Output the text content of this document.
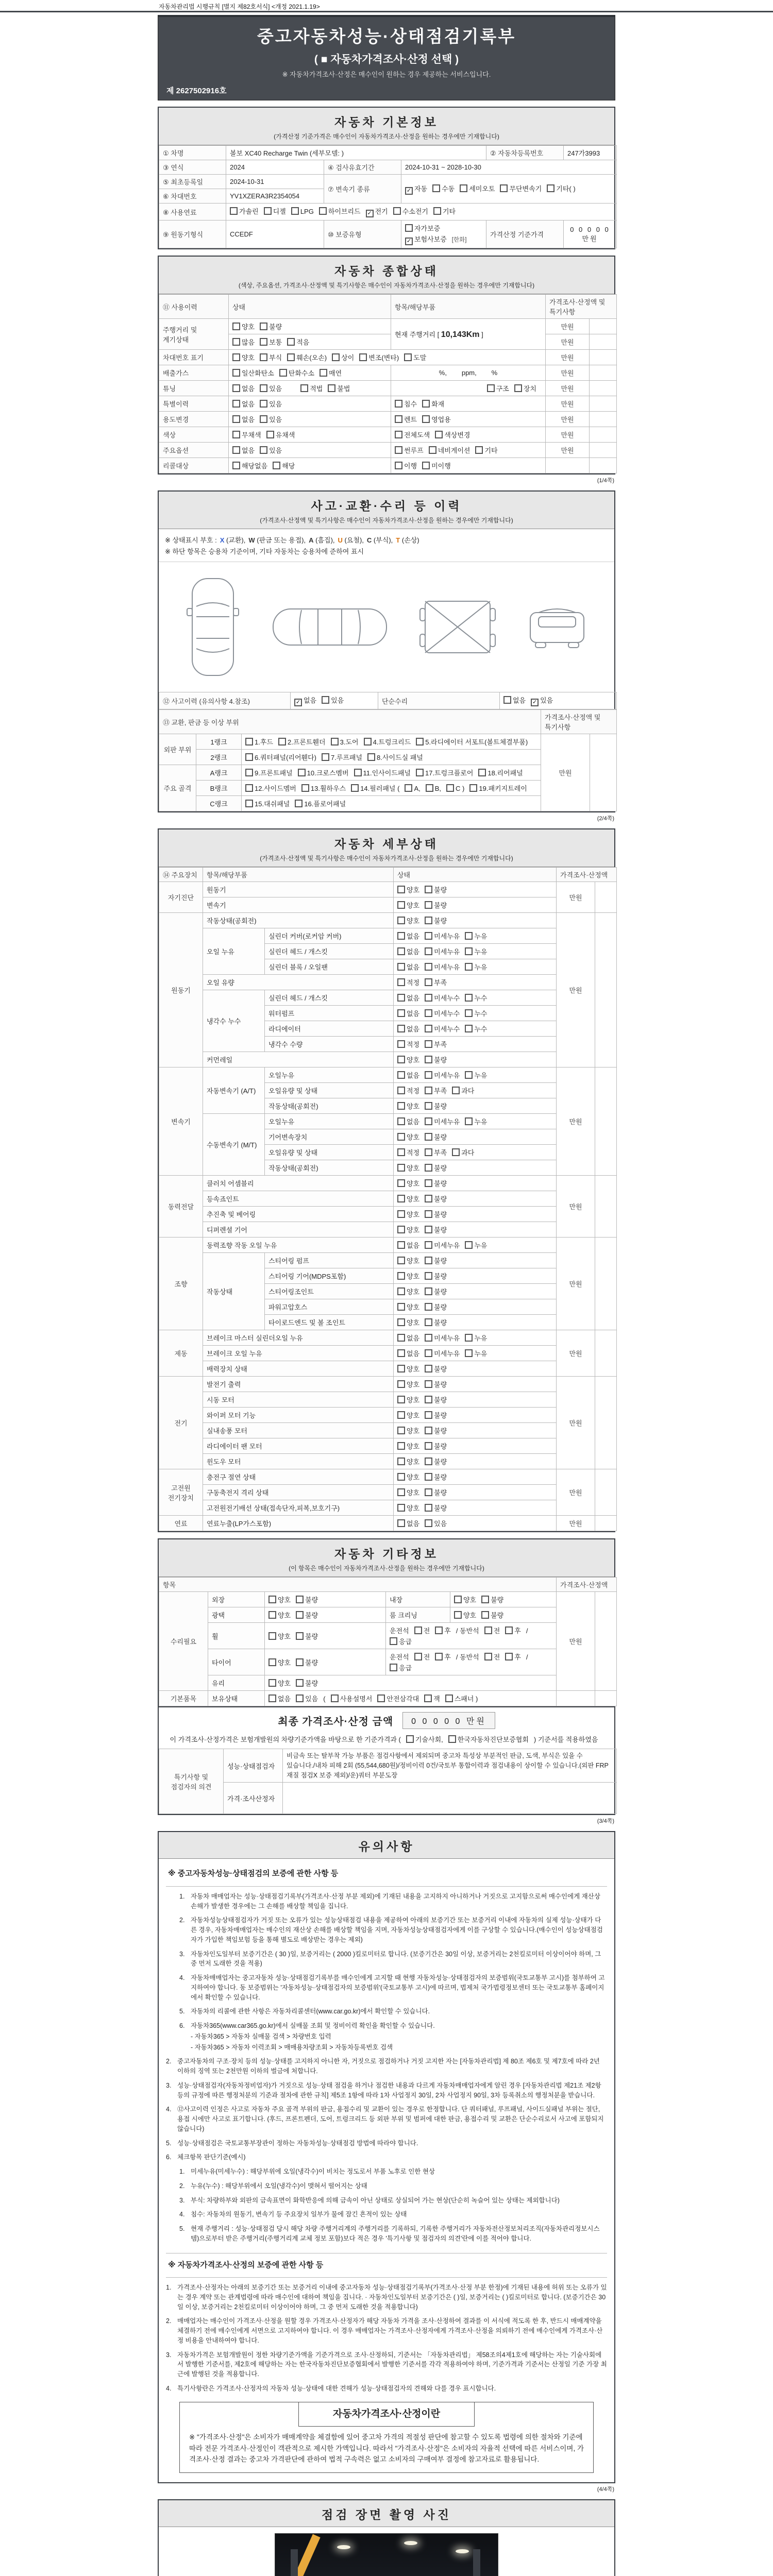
자동차관리법 시행규칙 [별지 제82호서식] <개정 2021.1.19>
중고자동차성능·상태점검기록부
( ■ 자동차가격조사·산정 선택 )
※ 자동차가격조사·산정은 매수인이 원하는 경우 제공하는 서비스입니다.
제 2627502916호
자동차 기본정보
(가격산정 기준가격은 매수인이 자동차가격조사·산정을 원하는 경우에만 기재합니다)
① 차명	볼보 XC40 Recharge Twin (세부모델: )			② 자동차등록번호	247가3993
③ 연식	2024	④ 검사유효기간	2024-10-31 ~ 2028-10-30		
⑤ 최초등록일	2024-10-31	⑦ 변속기 종류	✓ 자동 수동 세미오토 무단변속기 기타( )		
⑥ 차대번호	YV1XZERA3R2354054				
⑧ 사용연료	가솔린 디젤 LPG 하이브리드 ✓ 전기 수소전기 기타				
⑨ 원동기형식	CCEDF	⑩ 보증유형	자가보증✓ 보험사보증 [한화]	가격산정 기준가격	0 0 0 0 0 만원
자동차 종합상태
(색상, 주요옵션, 가격조사·산정액 및 특기사항은 매수인이 자동차가격조사·산정을 원하는 경우에만 기재합니다)
⑪ 사용이력	상태	항목/해당부품	가격조사·산정액 및 특기사항	
주행거리 및 계기상태	양호 불량	현재 주행거리 [ 10,143Km ]	만원	
	많음 보통 적음		만원	
차대번호 표기	양호 부식 훼손(오손) 상이 변조(변타) 도말		만원	
배출가스	일산화탄소 탄화수소 매연	%,        ppm,        %	만원	
튜닝	없음 있음 적법 불법	구조 장치	만원	
특별이력	없음 있음	침수 화재	만원	
용도변경	없음 있음	렌트 영업용	만원	
색상	무채색 유채색	전체도색 색상변경	만원	
주요옵션	없음 있음	썬루프 네비게이션 기타	만원	
리콜대상	해당없음 해당	이행 미이행		
(1/4쪽)
사고·교환·수리 등 이력
(가격조사·산정액 및 특기사항은 매수인이 자동차가격조사·산정을 원하는 경우에만 기재합니다)
※ 상태표시 부호 : X (교환), W (판금 또는 용접), A (흠집), U (요철), C (부식), T (손상)
※ 하단 항목은 승용차 기준이며, 기타 자동차는 승용차에 준하여 표시
⑫ 사고이력 (유의사항 4.참조)	✓ 없음 있음	단순수리	없음 ✓ 있음
⑬ 교환, 판금 등 이상 부위			가격조사·산정액 및 특기사항	
외판 부위	1랭크	1.후드 2.프론트휀더 3.도어 4.트렁크리드 5.라디에이터 서포트(볼트체결부품)	만원	
	2랭크	6.쿼터패널(리어휀다) 7.루프패널 8.사이드실 패널		
주요 골격	A랭크	9.프론트패널 10.크로스멤버 11.인사이드패널 17.트렁크플로어 18.리어패널		
	B랭크	12.사이드멤버 13.휠하우스 14.필러패널 ( A, B, C ) 19.패키지트레이		
	C랭크	15.대쉬패널 16.플로어패널		
(2/4쪽)
자동차 세부상태
(가격조사·산정액 및 특기사항은 매수인이 자동차가격조사·산정을 원하는 경우에만 기재합니다)
⑭ 주요장치	항목/해당부품		상태	가격조사·산정액	
자기진단	원동기		양호 불량	만원	
	변속기		양호 불량		
원동기	작동상태(공회전)		양호 불량	만원	
	오일 누유	실린더 커버(로커암 커버)	없음 미세누유 누유		
		실린더 헤드 / 개스킷	없음 미세누유 누유		
		실린더 블록 / 오일팬	없음 미세누유 누유		
	오일 유량		적정 부족		
	냉각수 누수	실린더 헤드 / 개스킷	없음 미세누수 누수		
		워터펌프	없음 미세누수 누수		
		라디에이터	없음 미세누수 누수		
		냉각수 수량	적정 부족		
	커먼레일		양호 불량		
변속기	자동변속기 (A/T)	오일누유	없음 미세누유 누유	만원	
		오일유량 및 상태	적정 부족 과다		
		작동상태(공회전)	양호 불량		
	수동변속기 (M/T)	오일누유	없음 미세누유 누유		
		기어변속장치	양호 불량		
		오일유량 및 상태	적정 부족 과다		
		작동상태(공회전)	양호 불량		
동력전달	클러치 어셈블리		양호 불량	만원	
	등속죠인트		양호 불량		
	추진축 및 베어링		양호 불량		
	디퍼렌셜 기어		양호 불량		
조향	동력조향 작동 오일 누유		없음 미세누유 누유	만원	
	작동상태	스티어링 펌프	양호 불량		
		스티어링 기어(MDPS포함)	양호 불량		
		스티어링조인트	양호 불량		
		파워고압호스	양호 불량		
		타이로드엔드 및 볼 조인트	양호 불량		
제동	브레이크 마스터 실린더오일 누유		없음 미세누유 누유	만원	
	브레이크 오일 누유		없음 미세누유 누유		
	배력장치 상태		양호 불량		
전기	발전기 출력		양호 불량	만원	
	시동 모터		양호 불량		
	와이퍼 모터 기능		양호 불량		
	실내송풍 모터		양호 불량		
	라디에이터 팬 모터		양호 불량		
	윈도우 모터		양호 불량		
고전원 전기장치	충전구 절연 상태		양호 불량	만원	
	구동축전지 격리 상태		양호 불량		
	고전원전기배선 상태(접속단자,피복,보호기구)		양호 불량		
연료	연료누출(LP가스포함)		없음 있음	만원	
자동차 기타정보
(이 항목은 매수인이 자동차가격조사·산정을 원하는 경우에만 기재합니다)
항목					가격조사·산정액	
수리필요	외장	양호 불량	내장	양호 불량	만원	
	광택	양호 불량	룸 크리닝	양호 불량		
	휠	양호 불량	운전석 전 후 / 동반석 전 후 /응급			
	타이어	양호 불량	운전석 전 후 / 동반석 전 후 /응급			
	유리	양호 불량				
기본품목	보유상태	없음 있음 ( 사용설명서 안전삼각대 잭 스패너 )				
최종 가격조사·산정 금액	0 0 0 0 0 만원
이 가격조사·산정가격은 보험개발원의 차량기준가액을 바탕으로 한 기준가격과 ( 기술사회, 한국자동차진단보증협회 ) 기준서를 적용하였음
특기사항 및 점검자의 의견	성능·상태점검자	비금속 또는 탈부착 가능 부품은 점검사항에서 제외되며 중고차 특성상 부분적인 판금, 도색, 부식은 있을 수 있습니다./내차 피해 2회 (55,544,680원)/정비이력 0건/국토부 통합이력과 점검내용이 상이할 수 있습니다.(외판 FRP 재질 점검X 보증 제외)/운)쿼터 부분도장
	가격·조사산정자	
(3/4쪽)
유의사항
※ 중고자동차성능·상태점검의 보증에 관한 사항 등
1. 자동차 매매업자는 성능·상태점검기록부(가격조사·산정 부분 제외)에 기재된 내용을 고지하지 아니하거나 거짓으로 고지함으로써 매수인에게 재산상 손해가 발생한 경우에는 그 손해를 배상할 책임을 집니다.
2. 자동차성능상태점검자가 거짓 또는 오류가 있는 성능상태점검 내용을 제공하여 아래의 보증기간 또는 보증거리 이내에 자동차의 실제 성능·상태가 다른 경우, 자동차매매업자는 매수인의 재산상 손해를 배상할 책임을 지며, 자동차성능상태점검자에게 이를 구상할 수 있습니다.(매수인이 성능상태점검자가 가입한 책임보험 등을 통해 별도로 배상받는 경우는 제외)
3. 자동차인도일부터 보증기간은 ( 30 )일, 보증거리는 ( 2000 )킬로미터로 합니다. (보증기간은 30일 이상, 보증거리는 2천킬로미터 이상이어야 하며, 그 중 먼저 도래한 것을 적용)
4. 자동차매매업자는 중고자동차 성능·상태점검기록부를 매수인에게 고지할 때 현행 자동차성능·상태점검자의 보증범위(국토교통부 고시)를 첨부하여 고지하여야 합니다. 동 보증범위는 '자동차성능·상태점검자의 보증범위'(국토교통부 고시)에 따르며, 법제처 국가법령정보센터 또는 국토교통부 홈페이지에서 확인할 수 있습니다.
5. 자동차의 리콜에 관한 사항은 자동차리콜센터(www.car.go.kr)에서 확인할 수 있습니다.
6. 자동차365(www.car365.go.kr)에서 실매물 조회 및 정비이력 확인을 확인할 수 있습니다.
- 자동차365 > 자동차 실매물 검색 > 차량번호 입력
- 자동차365 > 자동차 이력조회 > 매매용차량조회 > 자동차등록번호 검색
2. 중고자동차의 구조·장치 등의 성능·상태를 고지하지 아니한 자, 거짓으로 점검하거나 거짓 고지한 자는 [자동차관리법] 제 80조 제6호 및 제7호에 따라 2년 이하의 징역 또는 2천만원 이하의 벌금에 처합니다.
3. 성능·상태점검자(자동차정비업자)가 거짓으로 성능·상태 점검을 하거나 점검한 내용과 다르게 자동차매매업자에게 알린 경우 [자동차관리법 제21조 제2항 등의 규정에 따른 행정처분의 기준과 절차에 관한 규칙] 제5조 1항에 따라 1차 사업정지 30일, 2차 사업정지 90일, 3차 등록취소의 행정처분을 받습니다.
4. ⑫사고이력 인정은 사고로 자동차 주요 골격 부위의 판금, 용접수리 및 교환이 있는 경우로 한정합니다. 단 쿼터패널, 루프패널, 사이드실패널 부위는 절단, 용접 시에만 사고로 표기합니다. (후드, 프론트펜더, 도어, 트렁크리드 등 외판 부위 및 범퍼에 대한 판금, 용접수리 및 교환은 단순수리로서 사고에 포함되지 않습니다)
5. 성능·상태점검은 국토교통부장관이 정하는 자동차성능·상태점검 방법에 따라야 합니다.
6. 체크항목 판단기준(예시)
1. 미세누유(미세누수) : 해당부위에 오일(냉각수)이 비치는 정도로서 부품 노후로 인한 현상
2. 누유(누수) : 해당부위에서 오일(냉각수)이 맺혀서 떨어지는 상태
3. 부식: 차량하부와 외판의 금속표면이 화학반응에 의해 금속이 아닌 상태로 상실되어 가는 현상(단순히 녹슬어 있는 상태는 제외합니다)
4. 침수: 자동차의 원동기, 변속기 등 주요장치 일부가 물에 잠긴 흔적이 있는 상태
5. 현재 주행거리 : 성능·상태점검 당시 해당 차량 주행거리계의 주행거리를 기록하되, 기록한 주행거리가 자동차전산정보처리조직(자동차관리정보시스템)으로부터 받은 주행거리(주행거리계 교체 정보 포함)보다 적은 경우 '특기사항 및 점검자의 의견'란에 이를 적어야 합니다.
※ 자동차가격조사·산정의 보증에 관한 사항 등
1. 가격조사·산정자는 아래의 보증기간 또는 보증거리 이내에 중고자동차 성능·상태점검기록부(가격조사·산정 부분 한정)에 기재된 내용에 허위 또는 오류가 있는 경우 계약 또는 관계법령에 따라 매수인에 대하여 책임을 집니다. · 자동차인도일부터 보증기간은 ( )일, 보증거리는 ( )킬로미터로 합니다. (보증기간은 30일 이상, 보증거리는 2천킬로미터 이상이어야 하며, 그 중 먼저 도래한 것을 적용합니다)
2. 매매업자는 매수인이 가격조사·산정을 원할 경우 가격조사·산정자가 해당 자동차 가격을 조사·산정하여 결과를 이 서식에 적도록 한 후, 반드시 매매계약을 체결하기 전에 매수인에게 서면으로 고지하여야 합니다. 이 경우 매매업자는 가격조사·산정자에게 가격조사·산정을 의뢰하기 전에 매수인에게 가격조사·산정 비용을 안내하여야 합니다.
3. 자동차가격은 보험개발원이 정한 차량기준가액을 기준가격으로 조사·산정하되, 기준서는 「자동차관리법」 제58조의4제1호에 해당하는 자는 기술사회에서 발행한 기준서를, 제2호에 해당하는 자는 한국자동차진단보증협회에서 발행한 기준서를 각각 적용하여야 하며, 기준가격과 기준서는 산정일 기준 가장 최근에 발행된 것을 적용합니다.
4. 특기사항란은 가격조사·산정자의 자동차 성능·상태에 대한 견해가 성능·상태점검자의 견해와 다를 경우 표시합니다.
자동차가격조사·산정이란
※ "가격조사·산정"은 소비자가 매매계약을 체결함에 있어 중고차 가격의 적절성 판단에 참고할 수 있도록 법령에 의한 절차와 기준에 따라 전문 가격조사·산정인이 객관적으로 제시한 가액입니다. 따라서 "가격조사·산정"은 소비자의 자율적 선택에 따른 서비스이며, 가격조사·산정 결과는 중고차 가격판단에 관하여 법적 구속력은 없고 소비자의 구매여부 결정에 참고자료로 활용됩니다.
(4/4쪽)
점검 장면 촬영 사진
